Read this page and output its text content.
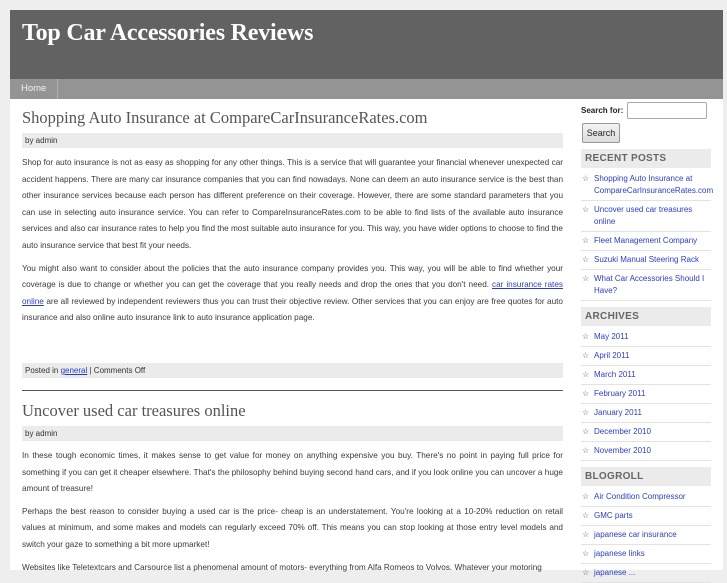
Top Car Accessories Reviews
Home
Shopping Auto Insurance at CompareCarInsuranceRates.com
by admin

Shop for auto insurance is not as easy as shopping for any other things. This is a service that will guarantee your financial whenever unexpected car accident happens. There are many car insurance companies that you can find nowadays. None can deem an auto insurance service is the best than other insurance services because each person has different preference on their coverage. However, there are some standard parameters that you can use in selecting auto insurance service. You can refer to CompareInsuranceRates.com to be able to find lists of the available auto insurance services and also car insurance rates to help you find the most suitable auto insurance for you. This way, you have wider options to choose to find the auto insurance service that best fit your needs.

You might also want to consider about the policies that the auto insurance company provides you. This way, you will be able to find whether your coverage is due to change or whether you can get the coverage that you really needs and drop the ones that you don't need. car insurance rates online are all reviewed by independent reviewers thus you can trust their objective review. Other services that you can enjoy are free quotes for auto insurance and also online auto insurance link to auto insurance application page.

Posted in general | Comments Off
Uncover used car treasures online
by admin

In these tough economic times, it makes sense to get value for money on anything expensive you buy. There's no point in paying full price for something if you can get it cheaper elsewhere. That's the philosophy behind buying second hand cars, and if you look online you can uncover a huge amount of treasure!

Perhaps the best reason to consider buying a used car is the price- cheap is an understatement. You're looking at a 10-20% reduction on retail values at minimum, and some makes and models can regularly exceed 70% off. This means you can stop looking at those entry level models and switch your gaze to something a bit more upmarket!

Websites like Teletextcars and Carsource list a phenomenal amount of motors- everything from Alfa Romeos to Volvos. Whatever your motoring

Search for:
Search
RECENT POSTS
☆ Shopping Auto Insurance at CompareCarInsuranceRates.com
☆ Uncover used car treasures online
☆ Fleet Management Company
☆ Suzuki Manual Steering Rack
☆ What Car Accessories Should I Have?
ARCHIVES
☆ May 2011
☆ April 2011
☆ March 2011
☆ February 2011
☆ January 2011
☆ December 2010
☆ November 2010
BLOGROLL
☆ Air Condition Compressor
☆ GMC parts
☆ japanese car insurance
☆ japanese links
☆ japanese ...
